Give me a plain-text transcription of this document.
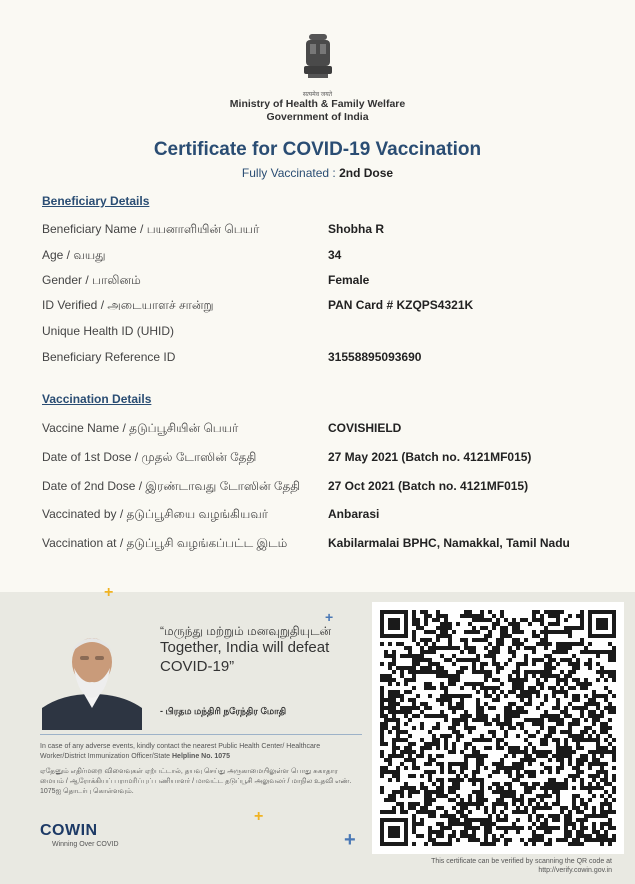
सत्यमेव जयते
Ministry of Health & Family Welfare
Government of India
Certificate for COVID-19 Vaccination
Fully Vaccinated : 2nd Dose
Beneficiary Details
Beneficiary Name / பயனாளியின் பெயர்	Shobha R
Age / வயது	34
Gender / பாலினம்	Female
ID Verified / அடையாளச் சான்று	PAN Card # KZQPS4321K
Unique Health ID (UHID)
Beneficiary Reference ID	31558895093690
Vaccination Details
Vaccine Name / தடுப்பூசியின் பெயர்	COVISHIELD
Date of 1st Dose / முதல் டோஸின் தேதி	27 May 2021 (Batch no. 4121MF015)
Date of 2nd Dose / இரண்டாவது டோஸின் தேதி 27 Oct 2021 (Batch no. 4121MF015)
Vaccinated by / தடுப்பூசியை வழங்கியவர்	Anbarasi
Vaccination at / தடுப்பூசி வழங்கப்பட்ட இடம்	Kabilarmalai BPHC, Namakkal, Tamil Nadu
+
+
+
+
“மருந்து மற்றும் மனவுறுதியுடன்
Together, India will defeat COVID-19”
- பிரதம மந்திரி நரேந்திர மோதி
In case of any adverse events, kindly contact the nearest Public Health Center/ Healthcare Worker/District Immunization Officer/State Helpline No. 1075
ஏதேனும் எதிர்மறை விளைவுகள் ஏற்பட்டால், தயவு செய்து அருகாமையிலுள்ள பொது சுகாதார மையம் / ஆரோக்கியப் பராமரிப்புப் பணியாளர் / மாவட்ட தடுப்பூசி அலுவலர் / மாநில உதவி எண். 1075ஐ தொடர்பு கொள்ளவும்.
COWIN
Winning Over COVID
This certificate can be verified by scanning the QR code at
http://verify.cowin.gov.in
